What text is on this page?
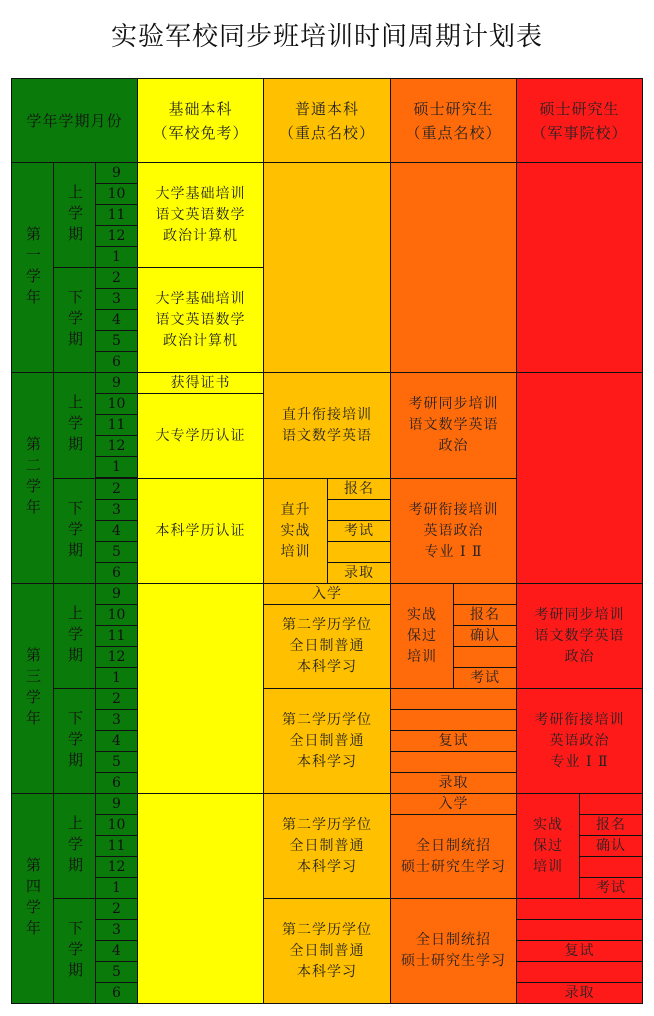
实验军校同步班培训时间周期计划表
学年学期月份
基础本科
（军校免考）
普通本科
（重点名校）
硕士研究生
（重点名校）
硕士研究生
（军事院校）
第一学年
第二学年
第三学年
第四学年
上学期
下学期
上学期
下学期
上学期
下学期
上学期
下学期
9
10
11
12
1
2
3
4
5
6
9
10
11
12
1
2
3
4
5
6
9
10
11
12
1
2
3
4
5
6
9
10
11
12
1
2
3
4
5
6
大学基础培训
语文英语数学
政治计算机
大学基础培训
语文英语数学
政治计算机
获得证书
大专学历认证
本科学历认证
直升衔接培训
语文数学英语
直升
实战
培训
报名
考试
录取
考研同步培训
语文数学英语
政治
考研衔接培训
英语政治
专业 Ⅰ Ⅱ
入学
第二学历学位
全日制普通
本科学习
第二学历学位
全日制普通
本科学习
实战
保过
培训
报名
确认
考试
复试
录取
考研同步培训
语文数学英语
政治
考研衔接培训
英语政治
专业 Ⅰ Ⅱ
第二学历学位
全日制普通
本科学习
第二学历学位
全日制普通
本科学习
入学
全日制统招
硕士研究生学习
全日制统招
硕士研究生学习
实战
保过
培训
报名
确认
考试
复试
录取
